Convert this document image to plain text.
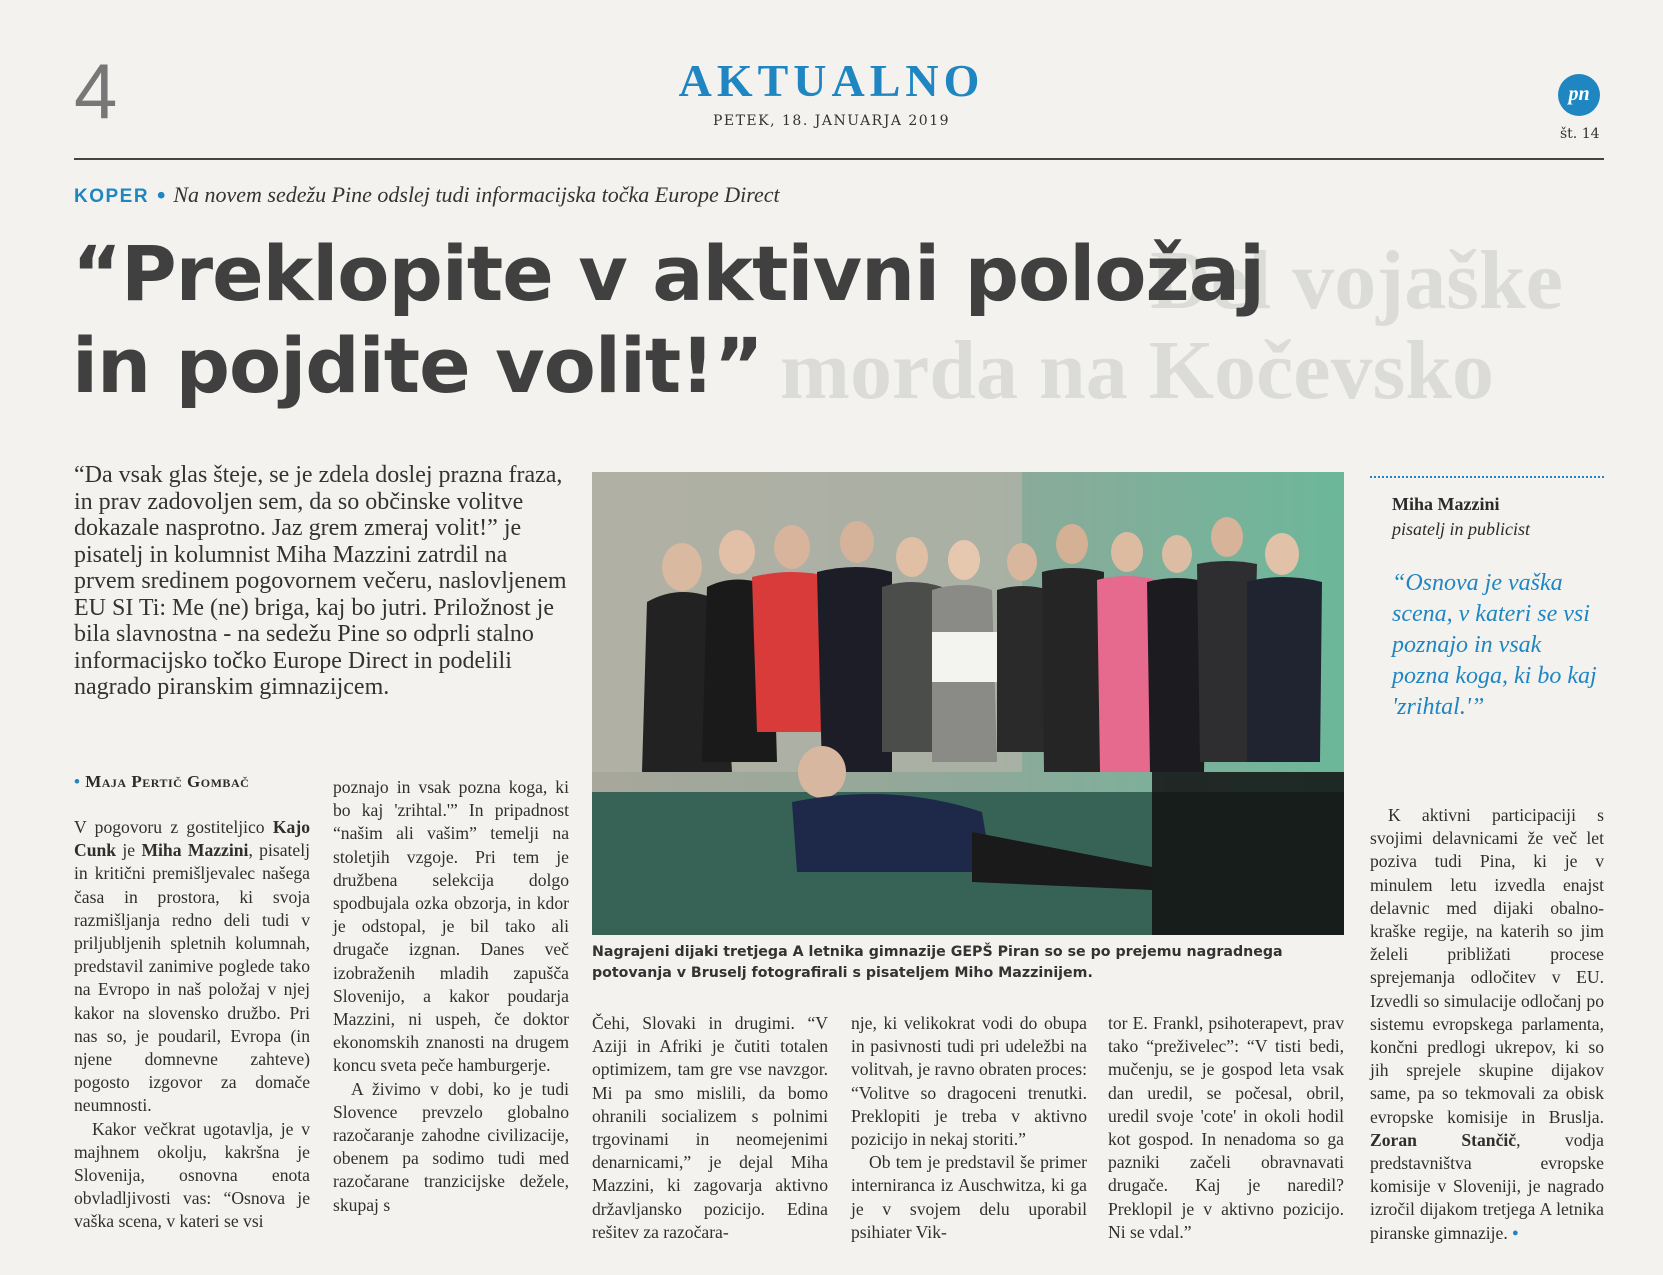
Del vojaške
morda na Kočevsko
4	AKTUALNO
PETEK, 18. JANUARJA 2019
pn
št. 14
KOPER • Na novem sedežu Pine odslej tudi informacijska točka Europe Direct
“Preklopite v aktivni položaj in pojdite volit!”
“Da vsak glas šteje, se je zdela doslej prazna fraza, in prav zadovoljen sem, da so občinske volitve dokazale nasprotno. Jaz grem zmeraj volit!” je pisatelj in kolumnist Miha Mazzini zatrdil na prvem sredinem pogovornem večeru, naslovljenem EU SI Ti: Me (ne) briga, kaj bo jutri. Priložnost je bila slavnostna - na sedežu Pine so odprli stalno informacijsko točko Europe Direct in podelili nagrado piranskim gimnazijcem.
• Maja Pertič Gombač

V pogovoru z gostiteljico Kajo Cunk je Miha Mazzini, pisatelj in kritični premišljevalec našega časa in prostora, ki svoja razmišljanja redno deli tudi v priljubljenih spletnih kolumnah, predstavil zanimive poglede tako na Evropo in naš položaj v njej kakor na slovensko družbo. Pri nas so, je poudaril, Evropa (in njene domnevne zahteve) pogosto izgovor za domače neumnosti.

Kakor večkrat ugotavlja, je v majhnem okolju, kakršna je Slovenija, osnovna enota obvladljivosti vas: “Osnova je vaška scena, v kateri se vsi

poznajo in vsak pozna koga, ki bo kaj 'zrihtal.'” In pripadnost “našim ali vašim” temelji na stoletjih vzgoje. Pri tem je družbena selekcija dolgo spodbujala ozka obzorja, in kdor je odstopal, je bil tako ali drugače izgnan. Danes več izobraženih mladih zapušča Slovenijo, a kakor poudarja Mazzini, ni uspeh, če doktor ekonomskih znanosti na drugem koncu sveta peče hamburgerje.

A živimo v dobi, ko je tudi Slovence prevzelo globalno razočaranje zahodne civilizacije, obenem pa sodimo tudi med razočarane tranzicijske dežele, skupaj s

Nagrajeni dijaki tretjega A letnika gimnazije GEPŠ Piran so se po prejemu nagradnega potovanja v Bruselj fotografirali s pisateljem Miho Mazzinijem.

Čehi, Slovaki in drugimi. “V Aziji in Afriki je čutiti totalen optimizem, tam gre vse navzgor. Mi pa smo mislili, da bomo ohranili socializem s polnimi trgovinami in neomejenimi denarnicami,” je dejal Miha Mazzini, ki zagovarja aktivno državljansko pozicijo. Edina rešitev za razočara-

nje, ki velikokrat vodi do obupa in pasivnosti tudi pri udeležbi na volitvah, je ravno obraten proces: “Volitve so dragoceni trenutki. Preklopiti je treba v aktivno pozicijo in nekaj storiti.”

Ob tem je predstavil še primer interniranca iz Auschwitza, ki ga je v svojem delu uporabil psihiater Vik-

tor E. Frankl, psihoterapevt, prav tako “preživelec”: “V tisti bedi, mučenju, se je gospod leta vsak dan uredil, se počesal, obril, uredil svoje 'cote' in okoli hodil kot gospod. In nenadoma so ga pazniki začeli obravnavati drugače. Kaj je naredil? Preklopil je v aktivno pozicijo. Ni se vdal.”

Miha Mazzini
pisatelj in publicist
“Osnova je vaška scena, v kateri se vsi poznajo in vsak pozna koga, ki bo kaj 'zrihtal.'”

K aktivni participaciji s svojimi delavnicami že več let poziva tudi Pina, ki je v minulem letu izvedla enajst delavnic med dijaki obalno-kraške regije, na katerih so jim želeli približati procese sprejemanja odločitev v EU. Izvedli so simulacije odločanj po sistemu evropskega parlamenta, končni predlogi ukrepov, ki so jih sprejele skupine dijakov same, pa so tekmovali za obisk evropske komisije in Bruslja. Zoran Stančič, vodja predstavništva evropske komisije v Sloveniji, je nagrado izročil dijakom tretjega A letnika piranske gimnazije. •
